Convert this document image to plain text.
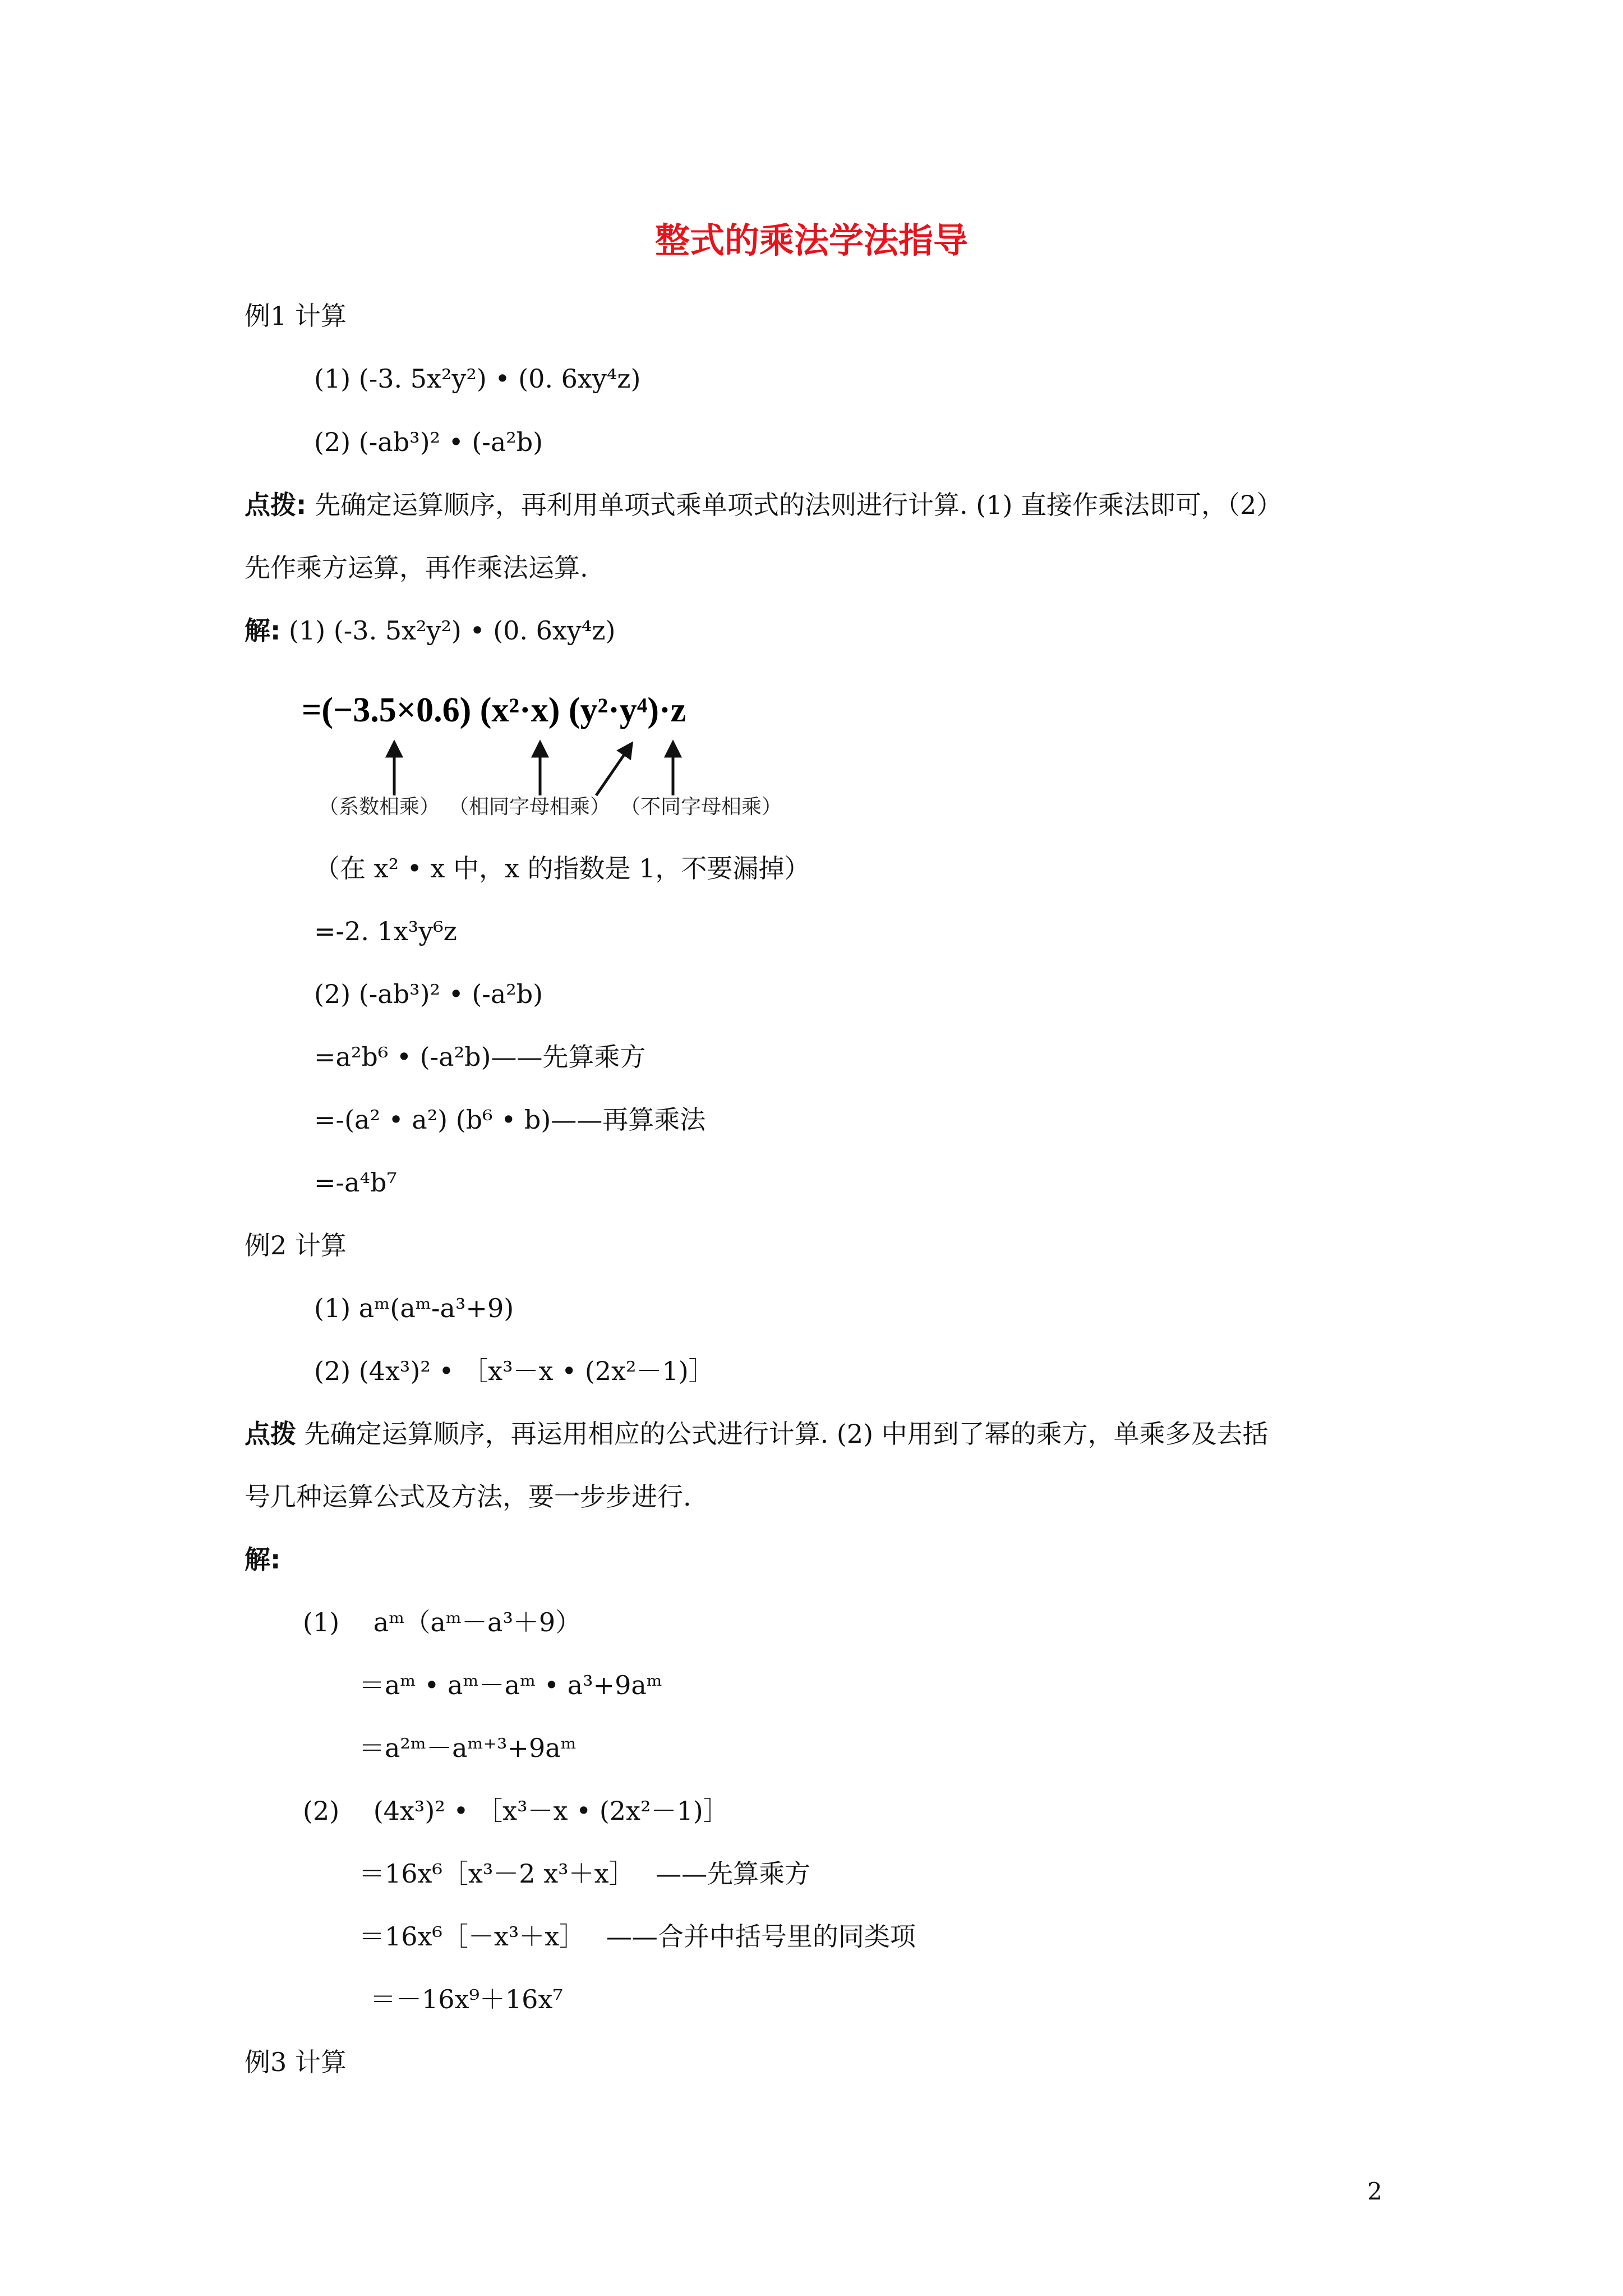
整式的乘法学法指导
例1 计算
(1) (-3. 5x²y²) • (0. 6xy⁴z)
(2) (-ab³)² • (-a²b)
点拨: 先确定运算顺序，再利用单项式乘单项式的法则进行计算. (1) 直接作乘法即可，（2）
先作乘方运算，再作乘法运算.
解: (1) (-3. 5x²y²) • (0. 6xy⁴z)
=(−3.5×0.6) (x²·x) (y²·y⁴)·z
（系数相乘） （相同字母相乘） （不同字母相乘）
（在 x² • x 中，x 的指数是 1，不要漏掉）
=-2. 1x³y⁶z
(2) (-ab³)² • (-a²b)
=a²b⁶ • (-a²b)——先算乘方
=-(a² • a²) (b⁶ • b)——再算乘法
=-a⁴b⁷
例2 计算
(1) aᵐ(aᵐ-a³+9)
(2) (4x³)² • ［x³－x • (2x²－1)］
点拨 先确定运算顺序，再运用相应的公式进行计算. (2) 中用到了幂的乘方，单乘多及去括
号几种运算公式及方法，要一步步进行.
解:
(1)　 aᵐ（aᵐ－a³＋9）
＝aᵐ • aᵐ－aᵐ • a³+9aᵐ
＝a²ᵐ－aᵐ⁺³+9aᵐ
(2)　 (4x³)² • ［x³－x • (2x²－1)］
＝16x⁶［x³－2 x³＋x］　 ——先算乘方
＝16x⁶［－x³＋x］　 ——合并中括号里的同类项
＝－16x⁹＋16x⁷
例3 计算
2
